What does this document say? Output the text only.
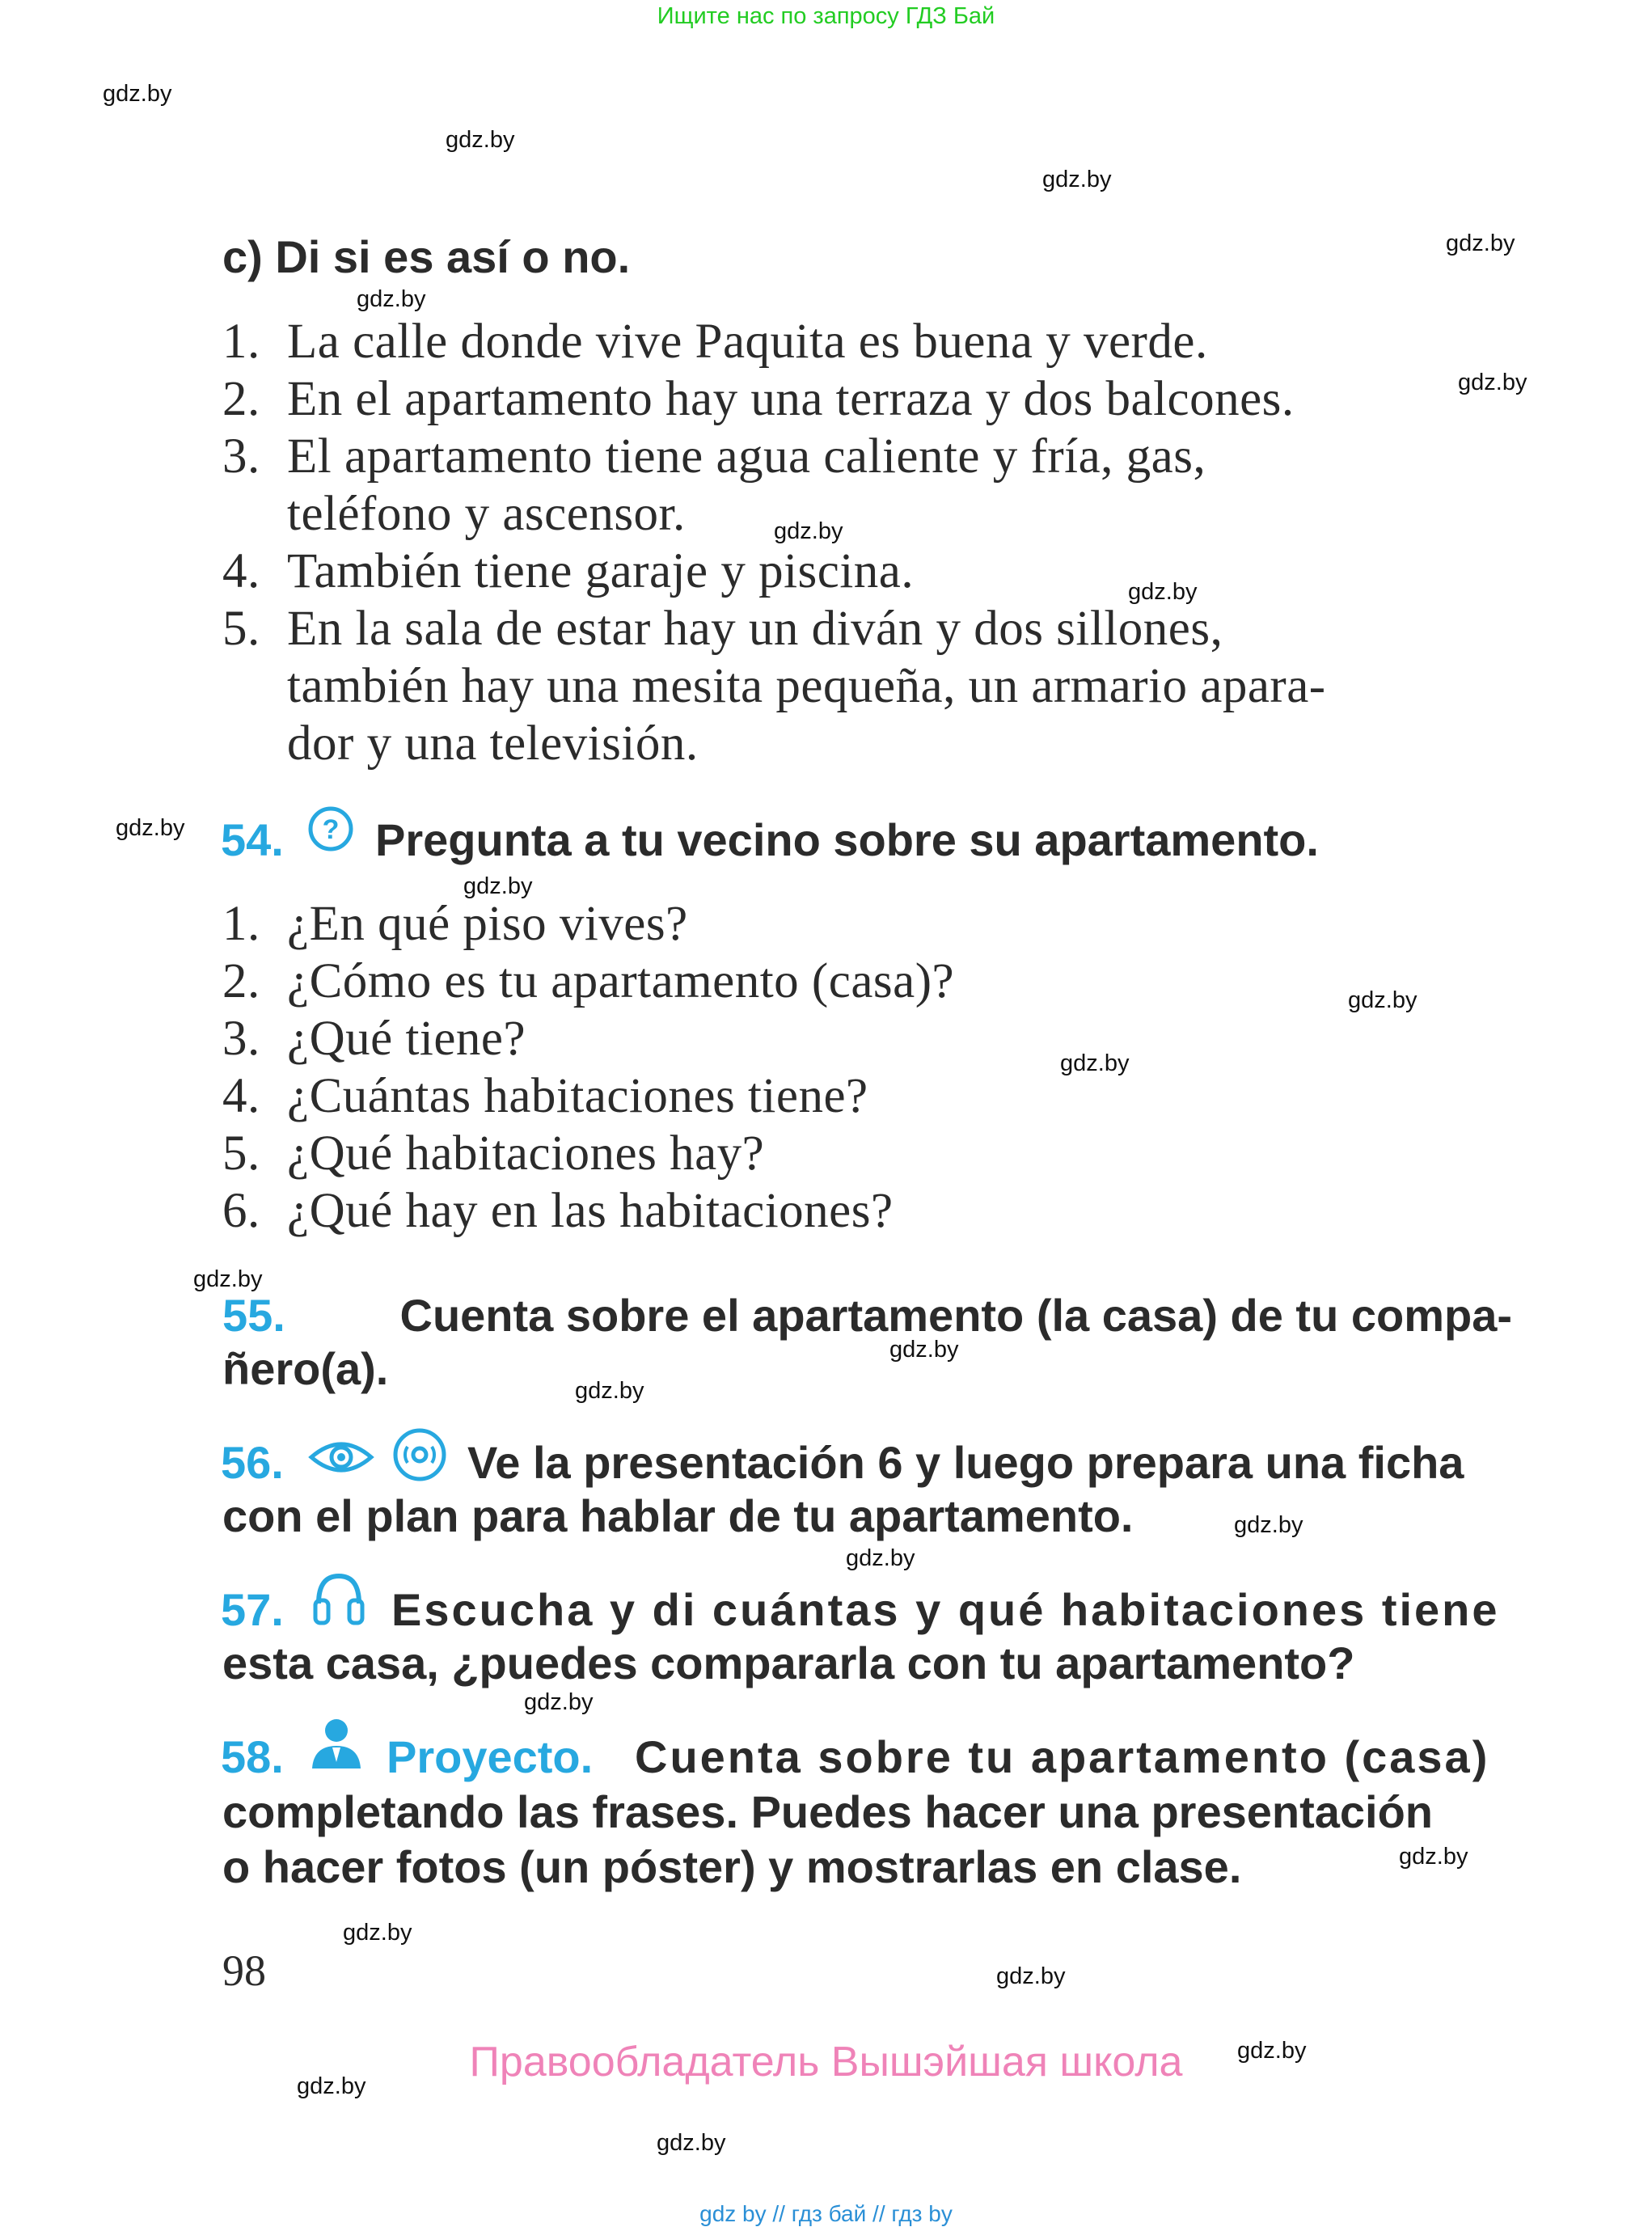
Ищите нас по запросу ГДЗ Бай
gdz.by
gdz.by
gdz.by
gdz.by
gdz.by
gdz.by
gdz.by
gdz.by
gdz.by
gdz.by
gdz.by
gdz.by
gdz.by
gdz.by
gdz.by
gdz.by
gdz.by
gdz.by
gdz.by
gdz.by
gdz.by
gdz.by
gdz.by
gdz.by
c) Di si es así o no.
1. La calle donde vive Paquita es buena y verde.
2. En el apartamento hay una terraza y dos balcones.
3. El apartamento tiene agua caliente y fría, gas,
teléfono y ascensor.
4. También tiene garaje y piscina.
5. En la sala de estar hay un diván y dos sillones,
también hay una mesita pequeña, un armario apara-
dor y una televisión.
54. ? Pregunta a tu vecino sobre su apartamento.
1. ¿En qué piso vives?
2. ¿Cómo es tu apartamento (casa)?
3. ¿Qué tiene?
4. ¿Cuántas habitaciones tiene?
5. ¿Qué habitaciones hay?
6. ¿Qué hay en las habitaciones?
55.	Cuenta sobre el apartamento (la casa) de tu compa-
ñero(a).
56.	Ve la presentación 6 y luego prepara una ficha
con el plan para hablar de tu apartamento.
57. Escucha y di cuántas y qué habitaciones tiene
esta casa, ¿puedes compararla con tu apartamento?
58. Proyecto. Cuenta sobre tu apartamento (casa)
completando las frases. Puedes hacer una presentación
o hacer fotos (un póster) y mostrarlas en clase.
98
Правообладатель Вышэйшая школа
gdz by // гдз бай // гдз by
